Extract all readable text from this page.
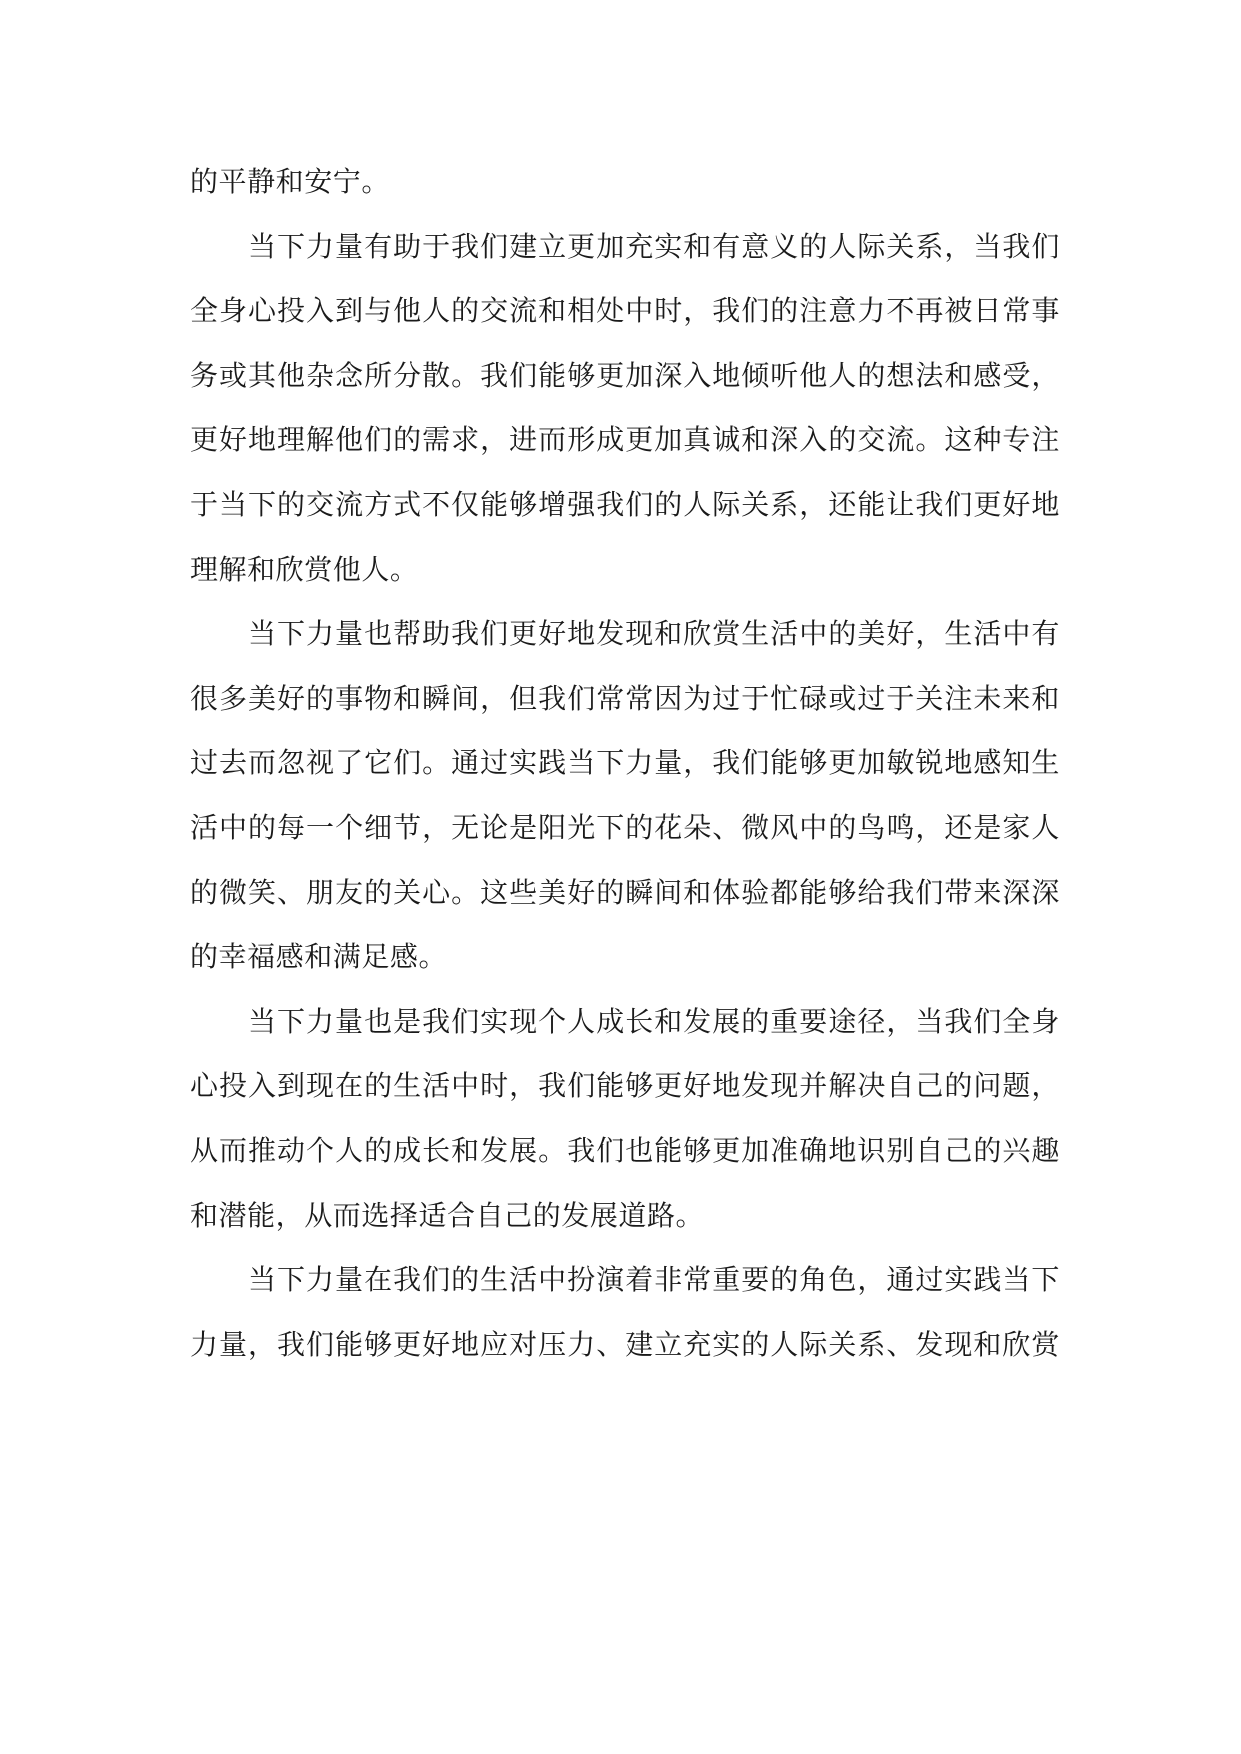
的平静和安宁。
当下力量有助于我们建立更加充实和有意义的人际关系，当我们
全身心投入到与他人的交流和相处中时，我们的注意力不再被日常事
务或其他杂念所分散。我们能够更加深入地倾听他人的想法和感受，
更好地理解他们的需求，进而形成更加真诚和深入的交流。这种专注
于当下的交流方式不仅能够增强我们的人际关系，还能让我们更好地
理解和欣赏他人。
当下力量也帮助我们更好地发现和欣赏生活中的美好，生活中有
很多美好的事物和瞬间，但我们常常因为过于忙碌或过于关注未来和
过去而忽视了它们。通过实践当下力量，我们能够更加敏锐地感知生
活中的每一个细节，无论是阳光下的花朵、微风中的鸟鸣，还是家人
的微笑、朋友的关心。这些美好的瞬间和体验都能够给我们带来深深
的幸福感和满足感。
当下力量也是我们实现个人成长和发展的重要途径，当我们全身
心投入到现在的生活中时，我们能够更好地发现并解决自己的问题，
从而推动个人的成长和发展。我们也能够更加准确地识别自己的兴趣
和潜能，从而选择适合自己的发展道路。
当下力量在我们的生活中扮演着非常重要的角色，通过实践当下
力量，我们能够更好地应对压力、建立充实的人际关系、发现和欣赏
